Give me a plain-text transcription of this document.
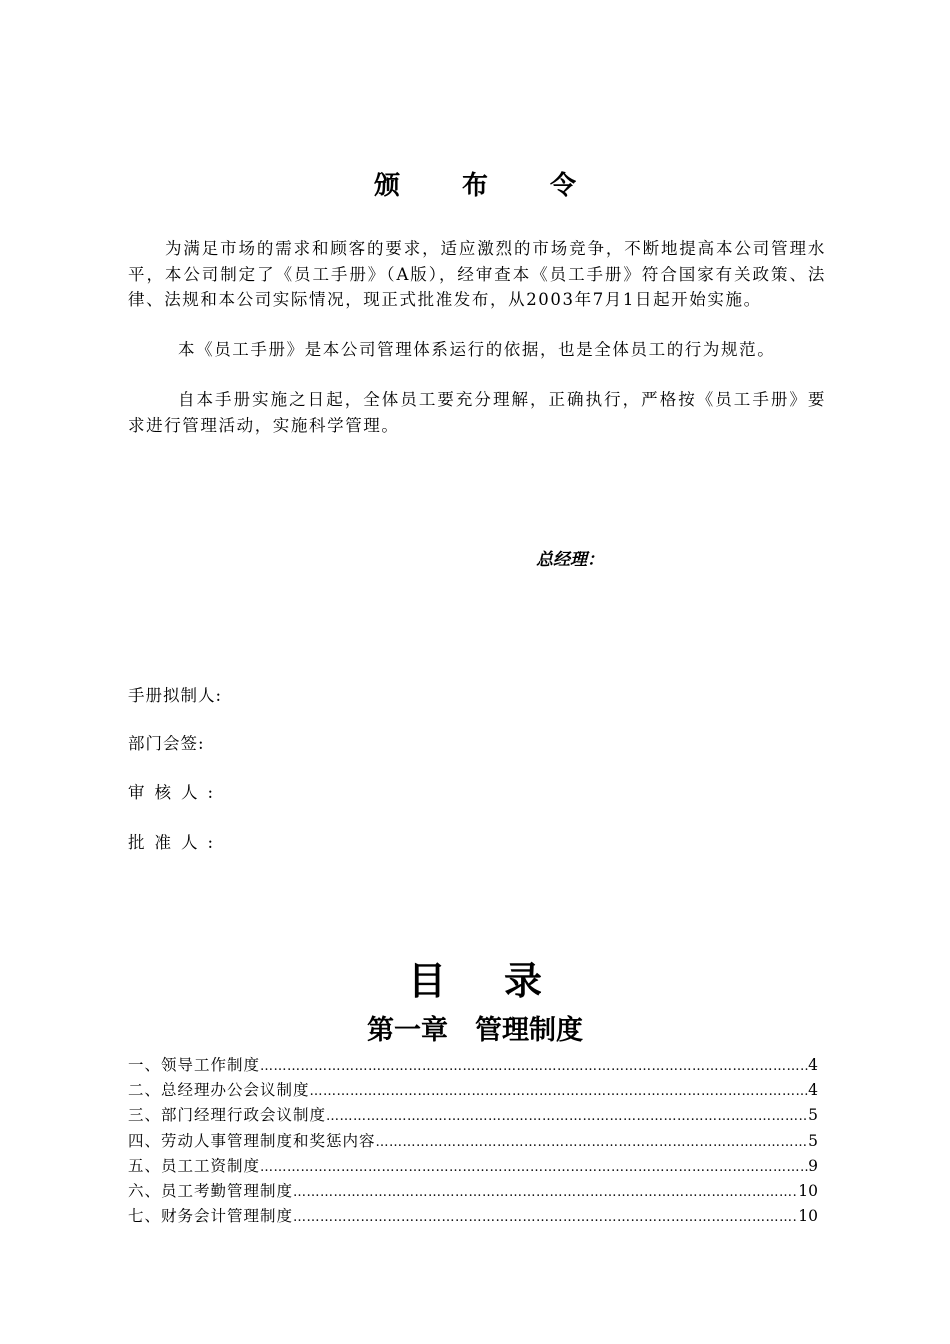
颁布令
为满足市场的需求和顾客的要求，适应激烈的市场竞争，不断地提高本公司管理水平，本公司制定了《员工手册》（A版），经审查本《员工手册》符合国家有关政策、法律、法规和本公司实际情况，现正式批准发布，从2003年7月1日起开始实施。
本《员工手册》是本公司管理体系运行的依据，也是全体员工的行为规范。
自本手册实施之日起，全体员工要充分理解，正确执行，严格按《员工手册》要求进行管理活动，实施科学管理。
总经理：
手册拟制人:
部门会签:
审核人:
批准人:
目录
第一章　管理制度
一、领导工作制度 …………………………………………………………………………………………………………………………………………	4
二、总经理办公会议制度 …………………………………………………………………………………………………………………………………………	4
三、部门经理行政会议制度 …………………………………………………………………………………………………………………………………………	5
四、劳动人事管理制度和奖惩内容 …………………………………………………………………………………………………………………………………………	5
五、员工工资制度 …………………………………………………………………………………………………………………………………………	9
六、员工考勤管理制度 …………………………………………………………………………………………………………………………………………	10
七、财务会计管理制度 …………………………………………………………………………………………………………………………………………	10
